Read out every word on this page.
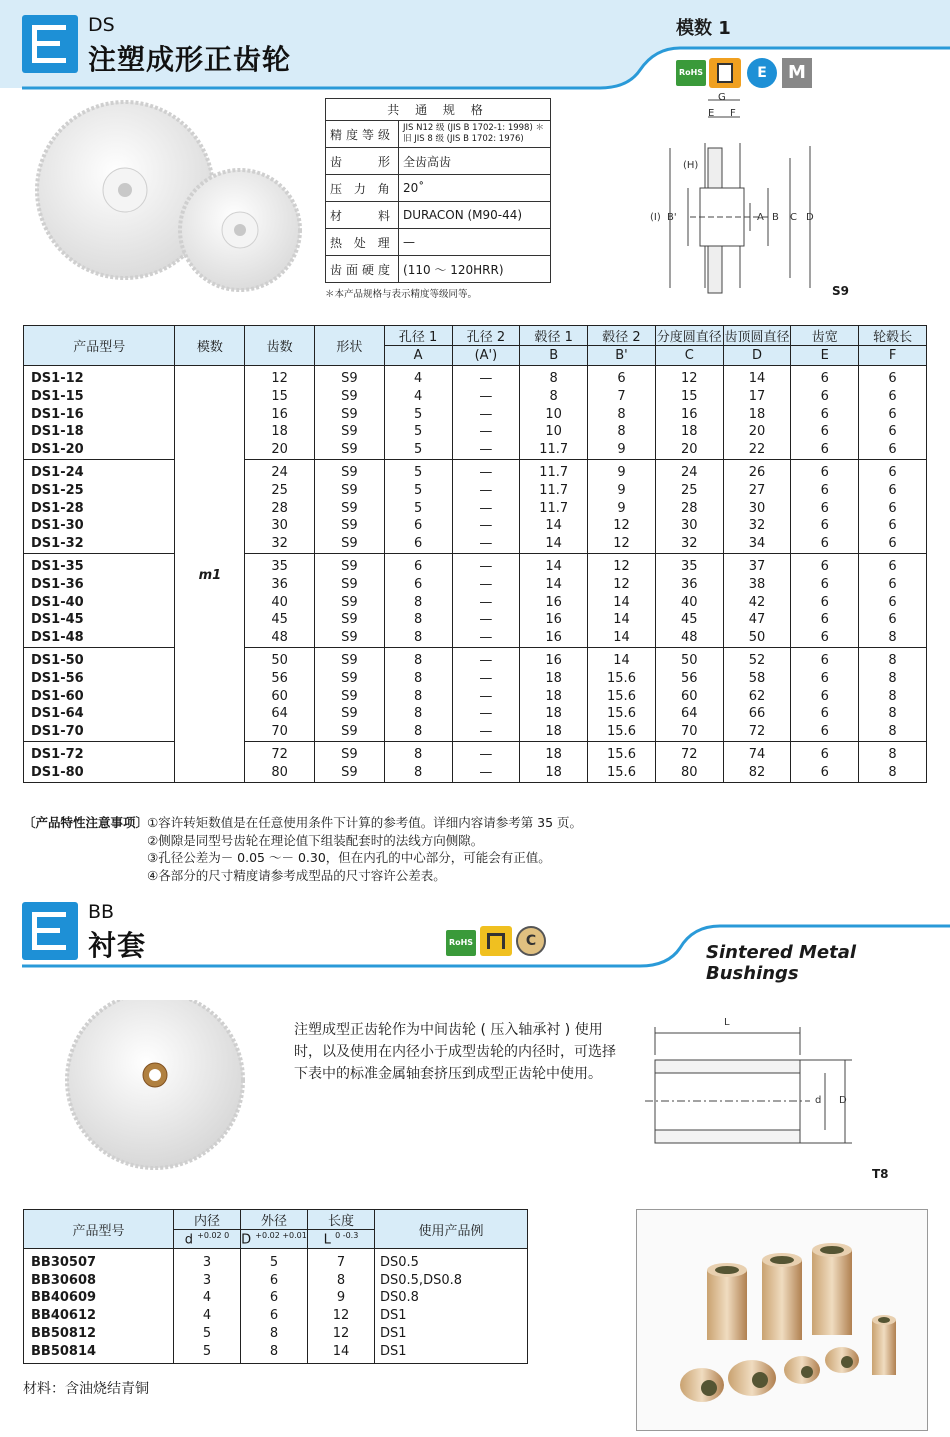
DS
注塑成形正齿轮
模数 1
RoHS	E	M
共 通 规 格	
精度等级	JIS N12 级 (JIS B 1702-1: 1998) ＊
旧 JIS 8 级 (JIS B 1702: 1976)
齿　　形	全齿高齿
压 力 角	20˚
材　　料	DURACON (M90-44)
热 处 理	—
齿面硬度	(110 ～ 120HRR)
＊本产品规格与表示精度等级同等。
G
E F
(H)
(I) B'	A B C D
S9
产品型号	模数	齿数	形状	孔径 1	孔径 2	毂径 1	毂径 2	分度圆直径	齿顶圆直径	齿宽	轮毂长
				A	(A')	B	B'	C	D	E	F
DS1-12	m1	12	S9	4	—	8	6	12	14	6	6
DS1-15		15	S9	4	—	8	7	15	17	6	6
DS1-16		16	S9	5	—	10	8	16	18	6	6
DS1-18		18	S9	5	—	10	8	18	20	6	6
DS1-20		20	S9	5	—	11.7	9	20	22	6	6
DS1-24		24	S9	5	—	11.7	9	24	26	6	6
DS1-25		25	S9	5	—	11.7	9	25	27	6	6
DS1-28		28	S9	5	—	11.7	9	28	30	6	6
DS1-30		30	S9	6	—	14	12	30	32	6	6
DS1-32		32	S9	6	—	14	12	32	34	6	6
DS1-35		35	S9	6	—	14	12	35	37	6	6
DS1-36		36	S9	6	—	14	12	36	38	6	6
DS1-40		40	S9	8	—	16	14	40	42	6	6
DS1-45		45	S9	8	—	16	14	45	47	6	6
DS1-48		48	S9	8	—	16	14	48	50	6	8
DS1-50		50	S9	8	—	16	14	50	52	6	8
DS1-56		56	S9	8	—	18	15.6	56	58	6	8
DS1-60		60	S9	8	—	18	15.6	60	62	6	8
DS1-64		64	S9	8	—	18	15.6	64	66	6	8
DS1-70		70	S9	8	—	18	15.6	70	72	6	8
DS1-72		72	S9	8	—	18	15.6	72	74	6	8
DS1-80		80	S9	8	—	18	15.6	80	82	6	8
〔产品特性注意事项〕
①容许转矩数值是在任意使用条件下计算的参考值。详细内容请参考第 35 页。
②侧隙是同型号齿轮在理论值下组装配套时的法线方向侧隙。
③孔径公差为－ 0.05 ～－ 0.30，但在内孔的中心部分，可能会有正值。
④各部分的尺寸精度请参考成型品的尺寸容许公差表。
BB
衬套	Sintered Metal Bushings
RoHS	C
注塑成型正齿轮作为中间齿轮 ( 压入轴承衬 ) 使用时，以及使用在内径小于成型齿轮的内径时，可选择下表中的标准金属轴套挤压到成型正齿轮中使用。
L
d D
T8
产品型号	内径	外径	长度	使用产品例
	d $^{+0.02 0}$	D $^{+0.02 +0.01}$	L $^{0 -0.3}$
BB30507	3	5	7	DS0.5
BB30608	3	6	8	DS0.5,DS0.8
BB40609	4	6	9	DS0.8
BB40612	4	6	12	DS1
BB50812	5	8	12	DS1
BB50814	5	8	14	DS1
材料：含油烧结青铜
